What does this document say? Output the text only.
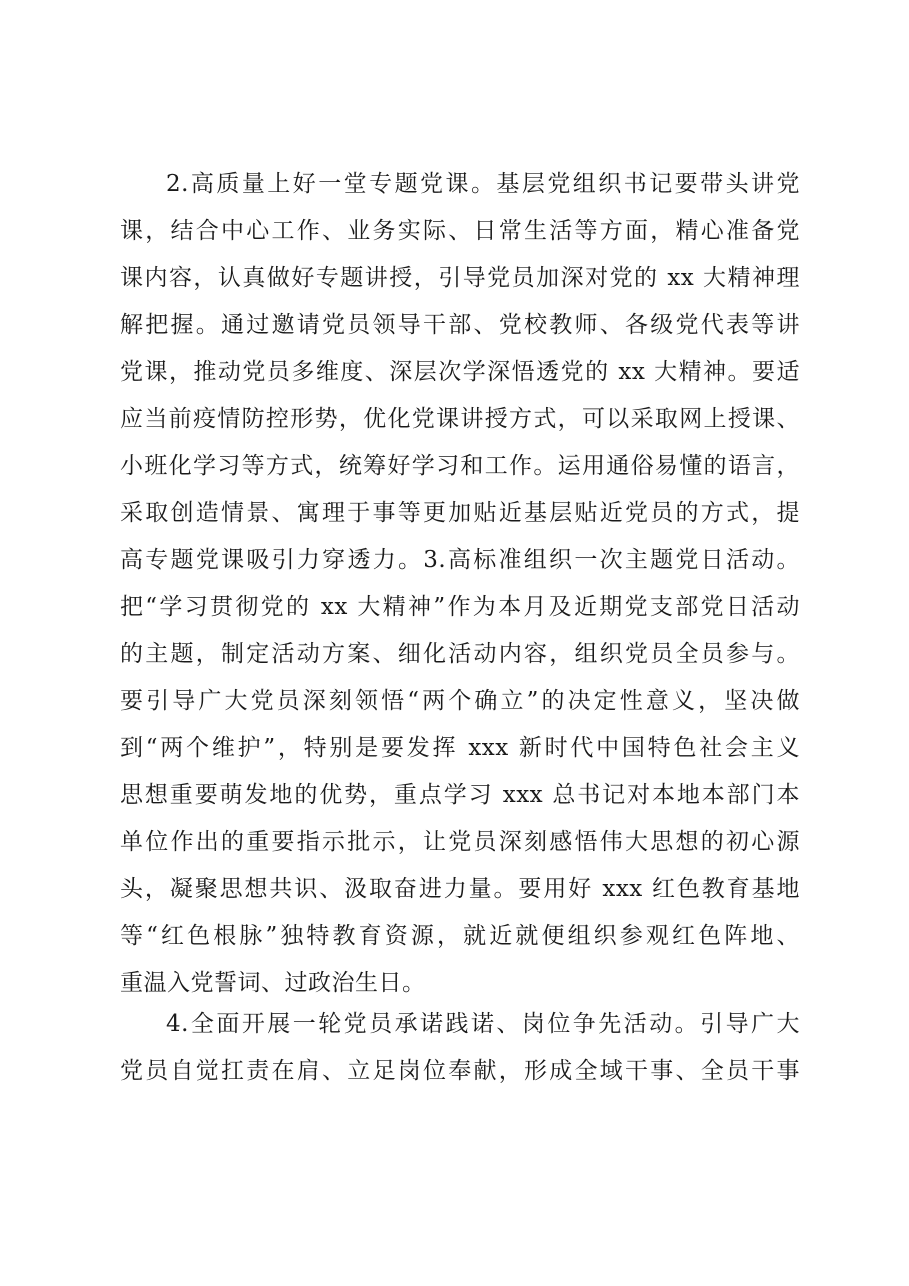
2.高质量上好一堂专题党课。基层党组织书记要带头讲党
课，结合中心工作、业务实际、日常生活等方面，精心准备党
课内容，认真做好专题讲授，引导党员加深对党的 xx 大精神理
解把握。通过邀请党员领导干部、党校教师、各级党代表等讲
党课，推动党员多维度、深层次学深悟透党的 xx 大精神。要适
应当前疫情防控形势，优化党课讲授方式，可以采取网上授课、
小班化学习等方式，统筹好学习和工作。运用通俗易懂的语言，
采取创造情景、寓理于事等更加贴近基层贴近党员的方式，提
高专题党课吸引力穿透力。3.高标准组织一次主题党日活动。
把“学习贯彻党的 xx 大精神”作为本月及近期党支部党日活动
的主题，制定活动方案、细化活动内容，组织党员全员参与。
要引导广大党员深刻领悟“两个确立”的决定性意义，坚决做
到“两个维护”，特别是要发挥 xxx 新时代中国特色社会主义
思想重要萌发地的优势，重点学习 xxx 总书记对本地本部门本
单位作出的重要指示批示，让党员深刻感悟伟大思想的初心源
头，凝聚思想共识、汲取奋进力量。要用好 xxx 红色教育基地
等“红色根脉”独特教育资源，就近就便组织参观红色阵地、
重温入党誓词、过政治生日。
4.全面开展一轮党员承诺践诺、岗位争先活动。引导广大
党员自觉扛责在肩、立足岗位奉献，形成全域干事、全员干事
